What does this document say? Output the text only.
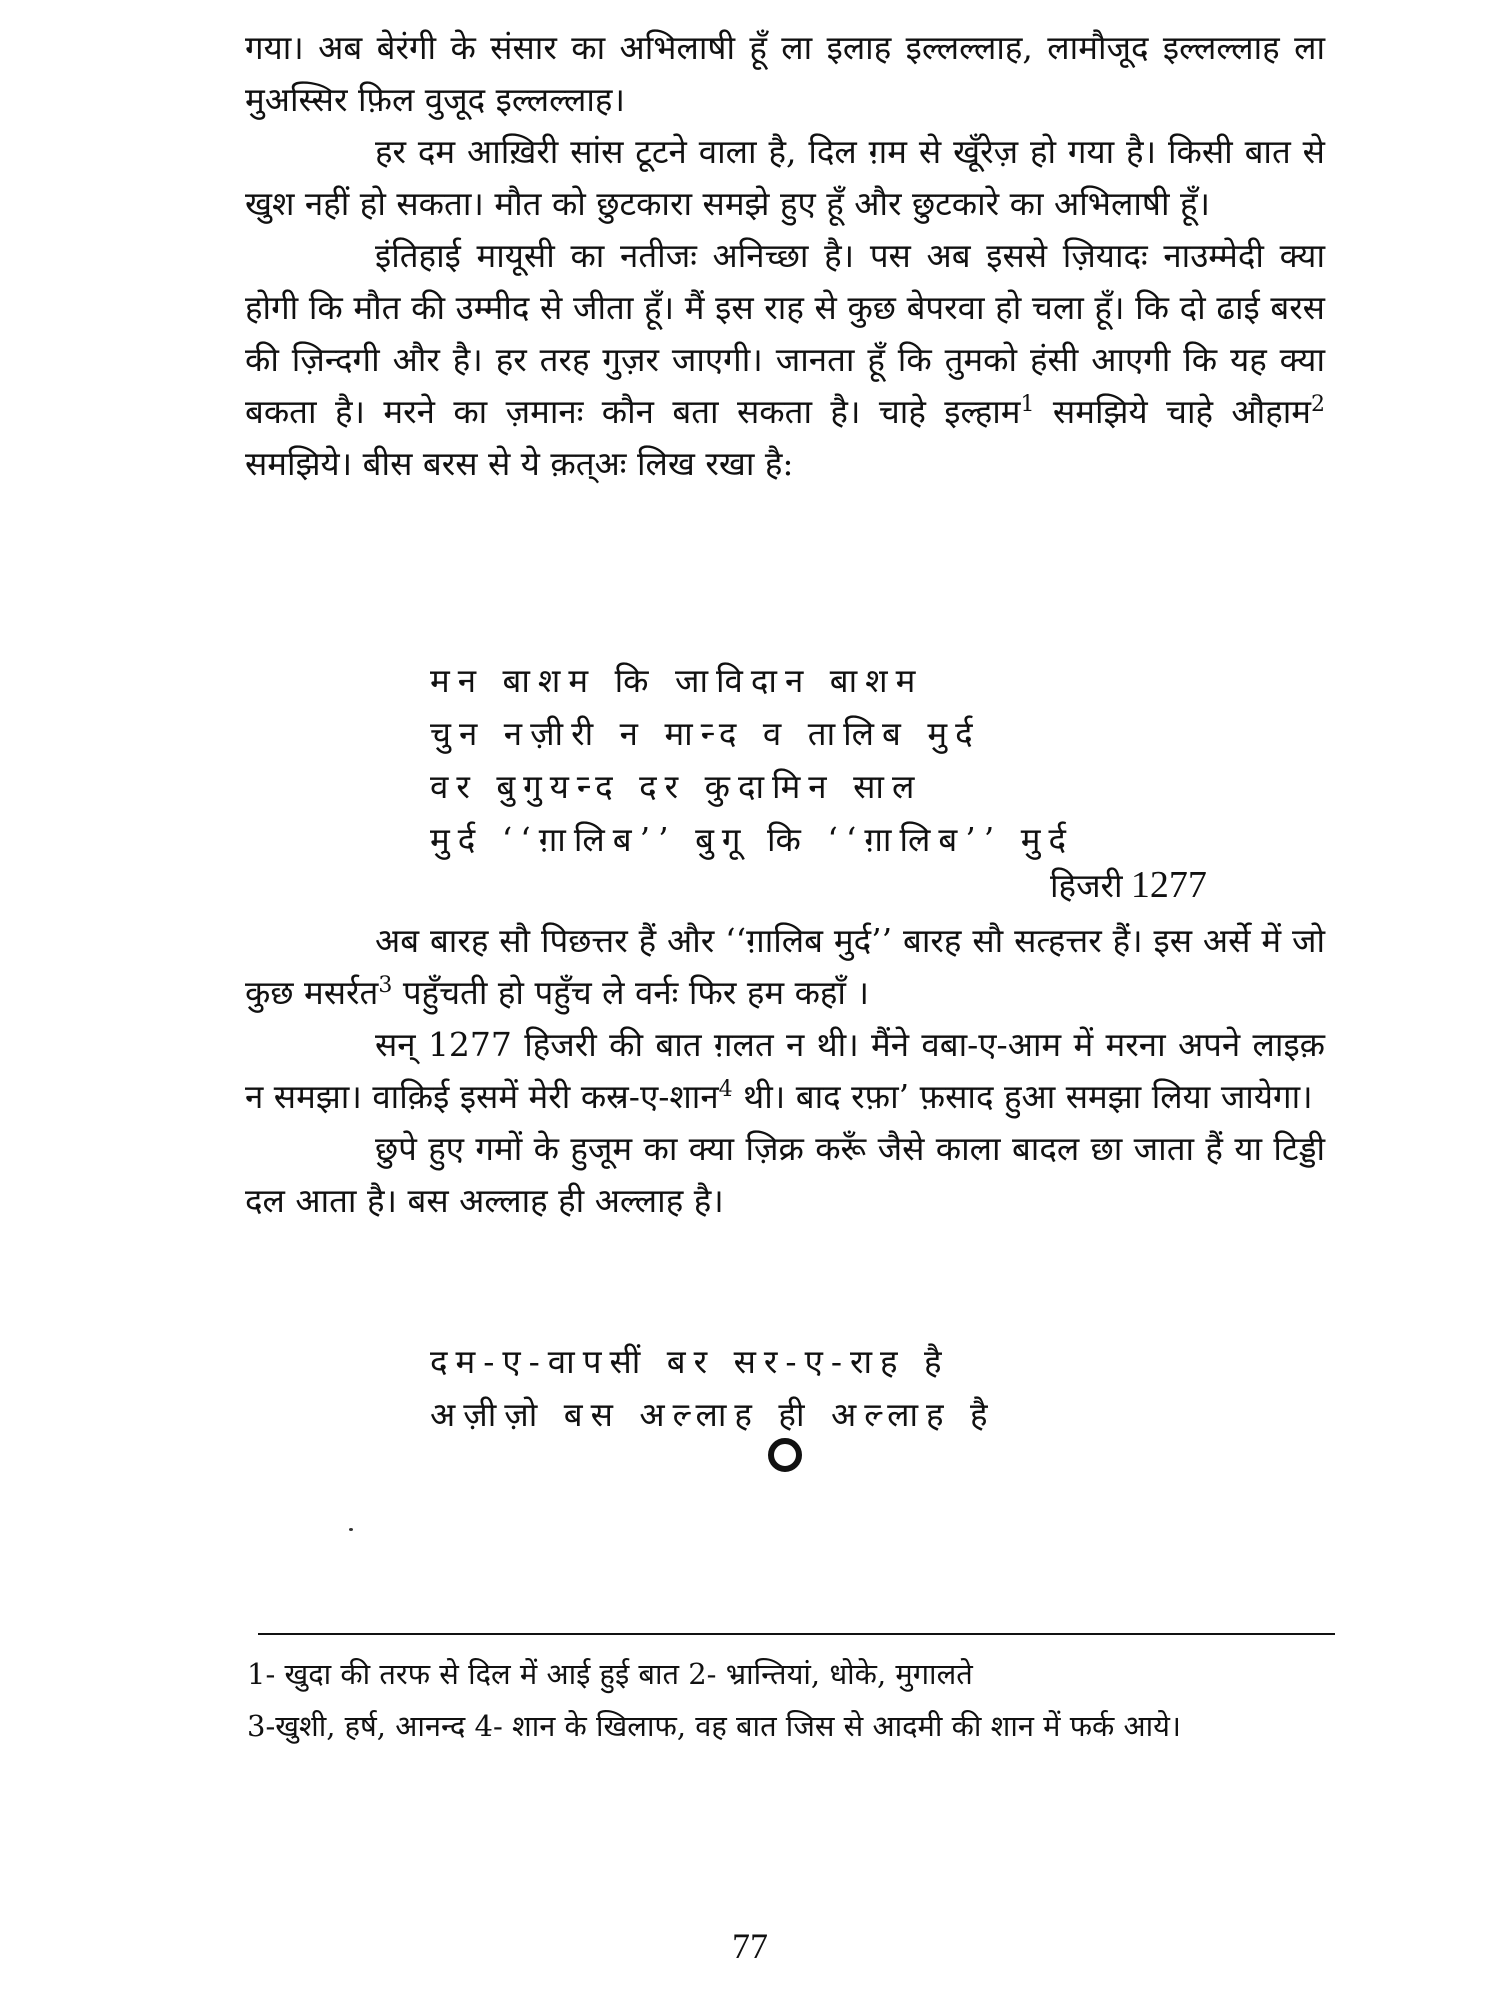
गया। अब बेरंगी के संसार का अभिलाषी हूँ ला इलाह इल्लल्लाह, लामौजूद इल्लल्लाह ला मुअस्सिर फ़िल वुजूद इल्लल्लाह।

हर दम आख़िरी सांस टूटने वाला है, दिल ग़म से खूँरेज़ हो गया है। किसी बात से खुश नहीं हो सकता। मौत को छुटकारा समझे हुए हूँ और छुटकारे का अभिलाषी हूँ।

इंतिहाई मायूसी का नतीजः अनिच्छा है। पस अब इससे ज़ियादः नाउम्मेदी क्या होगी कि मौत की उम्मीद से जीता हूँ। मैं इस राह से कुछ बेपरवा हो चला हूँ। कि दो ढाई बरस की ज़िन्दगी और है। हर तरह गुज़र जाएगी। जानता हूँ कि तुमको हंसी आएगी कि यह क्या बकता है। मरने का ज़मानः कौन बता सकता है। चाहे इल्हाम$^1$ समझिये चाहे औहाम$^2$ समझिये। बीस बरस से ये क़त्अः लिख रखा है:

मन बाशम कि जाविदान बाशम
चुन नज़ीरी न मान्द व तालिब मुर्द
वर बुगुयन्द दर कुदामिन साल
मुर्द ‘‘ग़ालिब’’ बुगू कि ‘‘ग़ालिब’’ मुर्द
हिजरी 1277

अब बारह सौ पिछत्तर हैं और ‘‘ग़ालिब मुर्द’’ बारह सौ सत्हत्तर हैं। इस अर्से में जो कुछ मसर्रत$^3$ पहुँचती हो पहुँच ले वर्नः फिर हम कहाँ ।

सन् 1277 हिजरी की बात ग़लत न थी। मैंने वबा-ए-आम में मरना अपने लाइक़ न समझा। वाक़िई इसमें मेरी कस्र-ए-शान$^4$ थी। बाद रफ़ा’ फ़साद हुआ समझा लिया जायेगा।

छुपे हुए गमों के हुजूम का क्या ज़िक्र करूँ जैसे काला बादल छा जाता हैं या टिड्डी दल आता है। बस अल्लाह ही अल्लाह है।

दम-ए-वापसीं बर सर-ए-राह है
अज़ीज़ो बस अल्लाह ही अल्लाह है

1- खुदा की तरफ से दिल में आई हुई बात 2- भ्रान्तियां, धोके, मुगालते

3-खुशी, हर्ष, आनन्द 4- शान के खिलाफ, वह बात जिस से आदमी की शान में फर्क आये।

77
